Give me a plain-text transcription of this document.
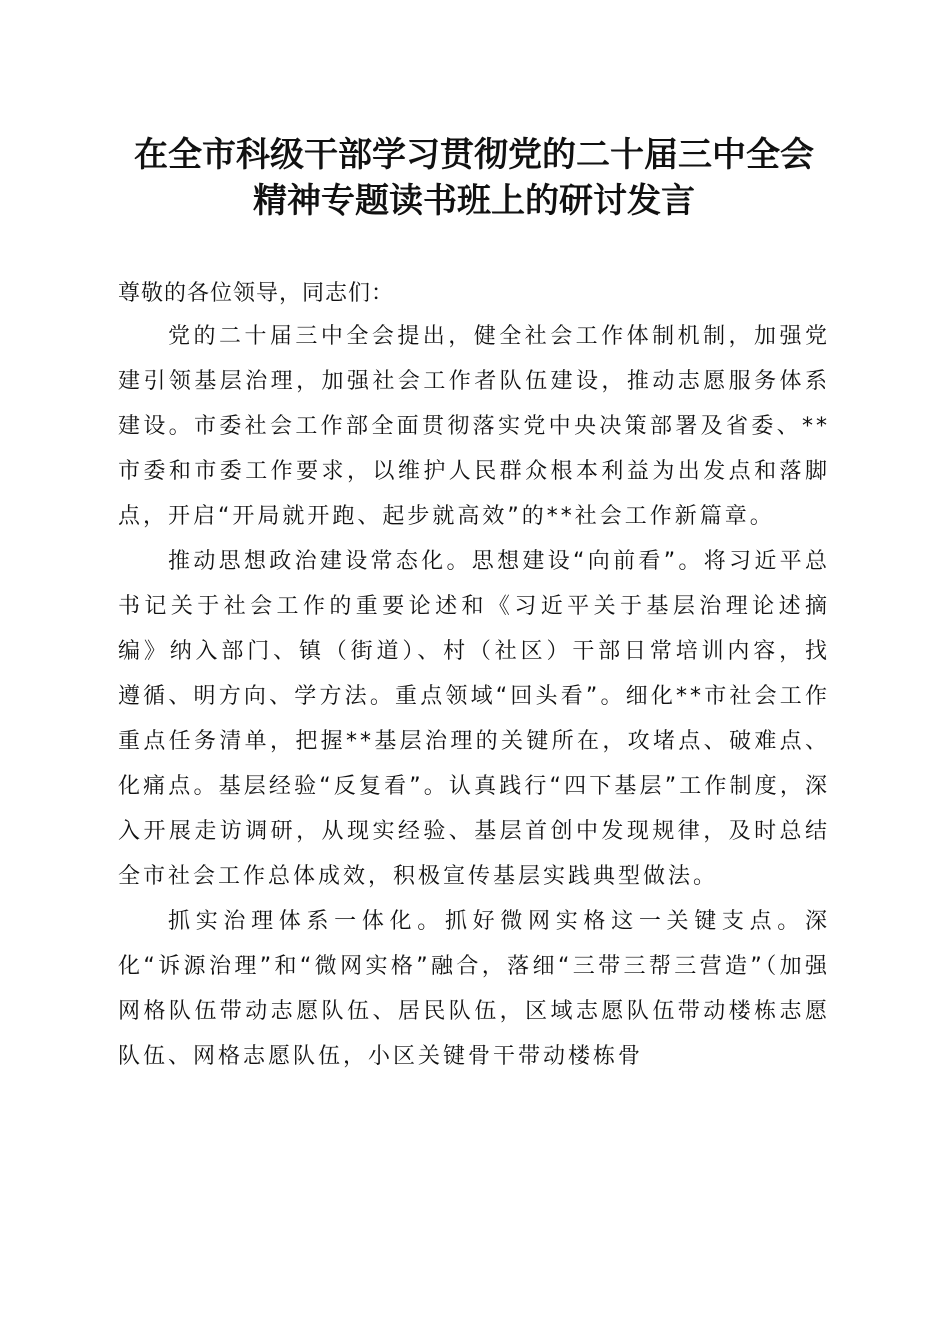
在全市科级干部学习贯彻党的二十届三中全会
精神专题读书班上的研讨发言

尊敬的各位领导，同志们：

党的二十届三中全会提出，健全社会工作体制机制，加强党建引领基层治理，加强社会工作者队伍建设，推动志愿服务体系建设。市委社会工作部全面贯彻落实党中央决策部署及省委、**市委和市委工作要求，以维护人民群众根本利益为出发点和落脚点，开启“开局就开跑、起步就高效”的**社会工作新篇章。

推动思想政治建设常态化。思想建设“向前看”。将习近平总书记关于社会工作的重要论述和《习近平关于基层治理论述摘编》纳入部门、镇（街道）、村（社区）干部日常培训内容，找遵循、明方向、学方法。重点领域“回头看”。细化**市社会工作重点任务清单，把握**基层治理的关键所在，攻堵点、破难点、化痛点。基层经验“反复看”。认真践行“四下基层”工作制度，深入开展走访调研，从现实经验、基层首创中发现规律，及时总结全市社会工作总体成效，积极宣传基层实践典型做法。

抓实治理体系一体化。抓好微网实格这一关键支点。深化“诉源治理”和“微网实格”融合，落细“三带三帮三营造”（加强网格队伍带动志愿队伍、居民队伍，区域志愿队伍带动楼栋志愿队伍、网格志愿队伍，小区关键骨干带动楼栋骨
